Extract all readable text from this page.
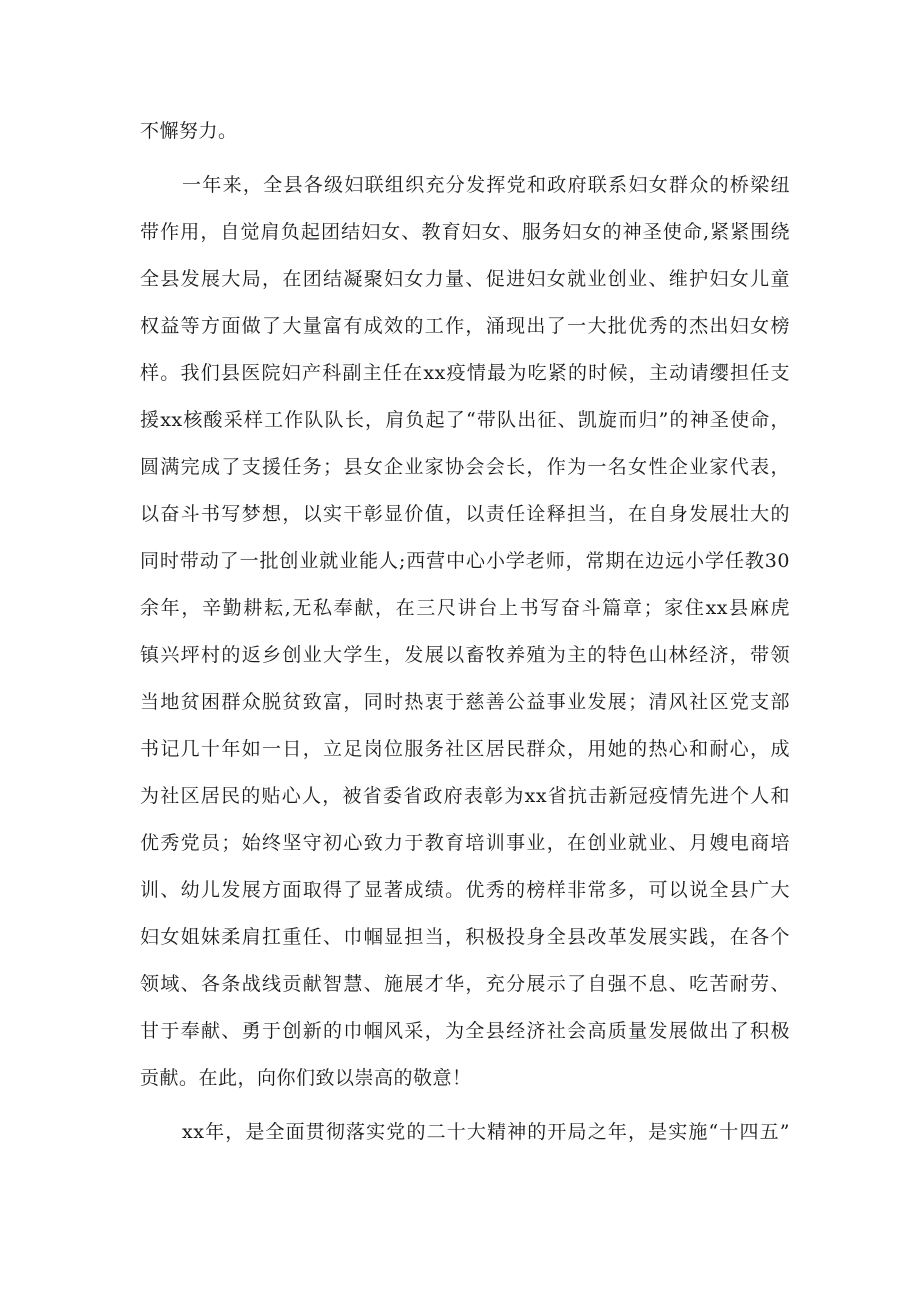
不懈努力。
一年来，全县各级妇联组织充分发挥党和政府联系妇女群众的桥梁纽
带作用，自觉肩负起团结妇女、教育妇女、服务妇女的神圣使命,紧紧围绕
全县发展大局，在团结凝聚妇女力量、促进妇女就业创业、维护妇女儿童
权益等方面做了大量富有成效的工作，涌现出了一大批优秀的杰出妇女榜
样。我们县医院妇产科副主任在xx疫情最为吃紧的时候，主动请缨担任支
援xx核酸采样工作队队长，肩负起了“带队出征、凯旋而归”的神圣使命，
圆满完成了支援任务；县女企业家协会会长，作为一名女性企业家代表，
以奋斗书写梦想，以实干彰显价值，以责任诠释担当，在自身发展壮大的
同时带动了一批创业就业能人;西营中心小学老师，常期在边远小学任教30
余年，辛勤耕耘,无私奉献，在三尺讲台上书写奋斗篇章；家住xx县麻虎
镇兴坪村的返乡创业大学生，发展以畜牧养殖为主的特色山林经济，带领
当地贫困群众脱贫致富，同时热衷于慈善公益事业发展；清风社区党支部
书记几十年如一日，立足岗位服务社区居民群众，用她的热心和耐心，成
为社区居民的贴心人，被省委省政府表彰为xx省抗击新冠疫情先进个人和
优秀党员；始终坚守初心致力于教育培训事业，在创业就业、月嫂电商培
训、幼儿发展方面取得了显著成绩。优秀的榜样非常多，可以说全县广大
妇女姐妹柔肩扛重任、巾帼显担当，积极投身全县改革发展实践，在各个
领域、各条战线贡献智慧、施展才华，充分展示了自强不息、吃苦耐劳、
甘于奉献、勇于创新的巾帼风采，为全县经济社会高质量发展做出了积极
贡献。在此，向你们致以崇高的敬意！
xx年，是全面贯彻落实党的二十大精神的开局之年，是实施“十四五”
